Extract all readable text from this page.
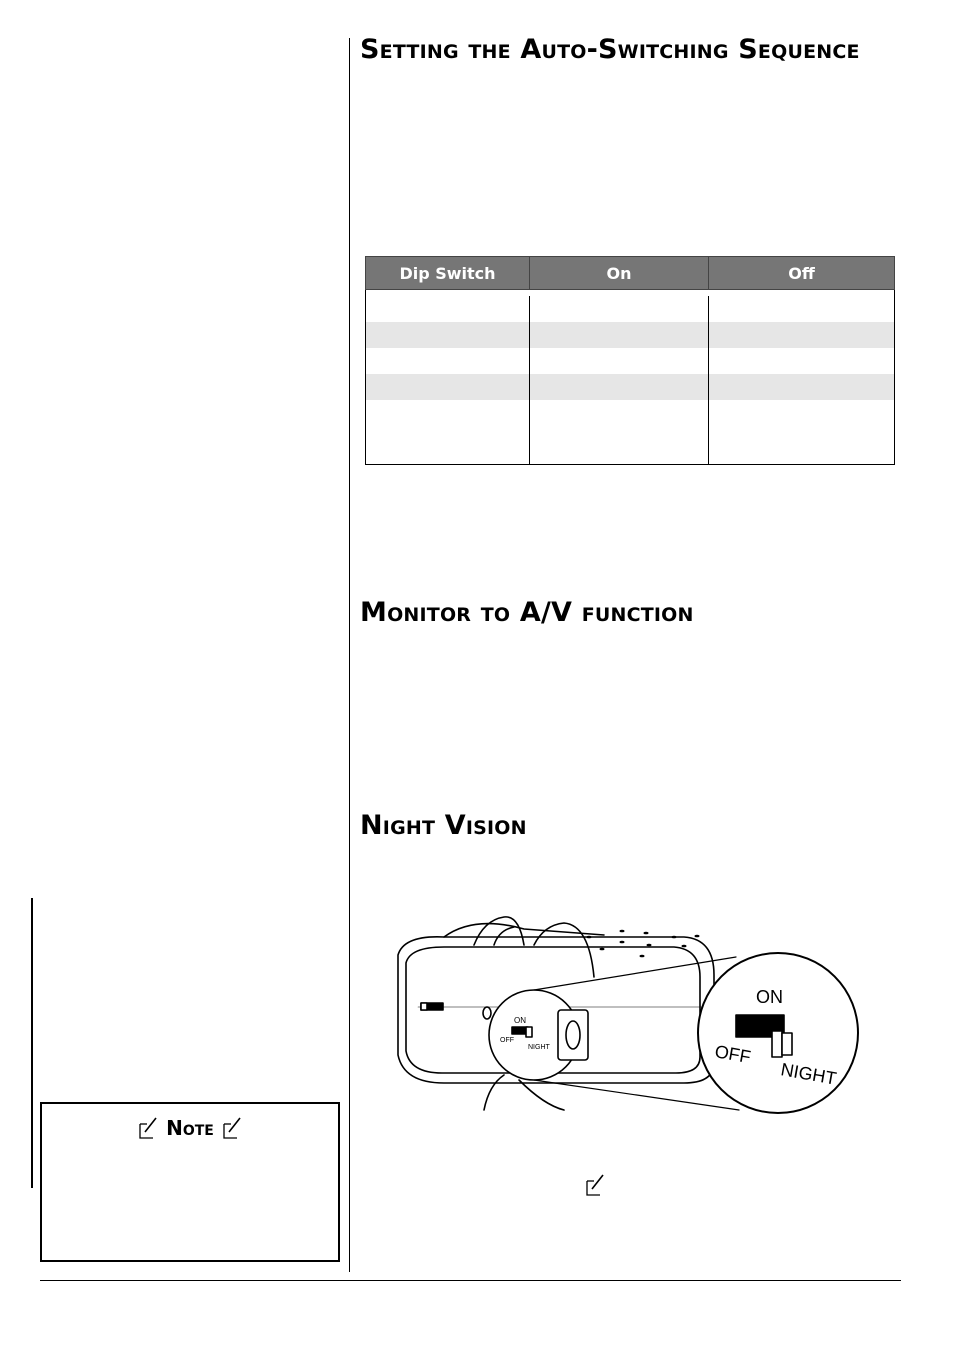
Setting the Auto-Switching Sequence
Dip Switch	On	Off

Monitor to A/V function
Night Vision
ON
OFF
NIGHT
ON
OFF
NIGHT
Note
